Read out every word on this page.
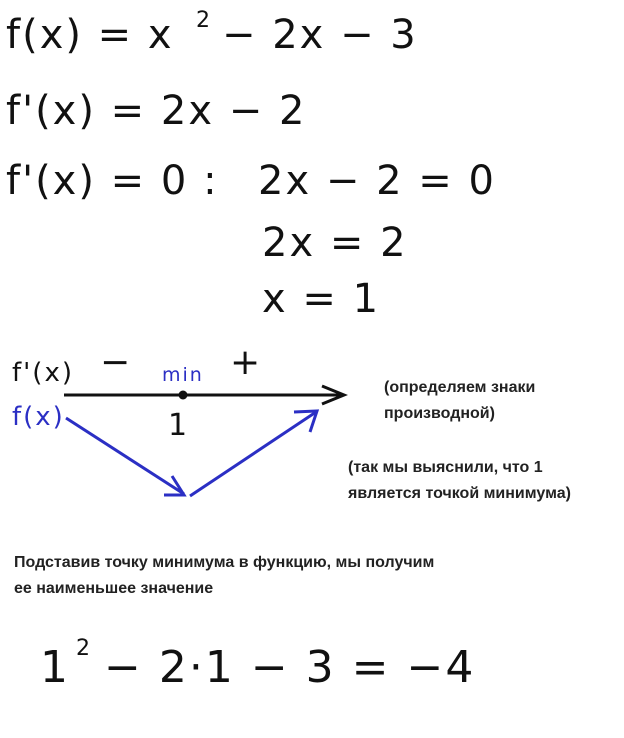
f(x) = x 2 − 2x − 3
f'(x) = 2x − 2
f'(x) = 0 : 2x − 2 = 0
2x = 2
x = 1
f'(x)
f(x)
−	+
min
1
(определяем знаки производной)
(так мы выяснили, что 1 является точкой минимума)
Подставив точку минимума в функцию, мы получим ее наименьшее значение
1 2 − 2·1 − 3 = −4
